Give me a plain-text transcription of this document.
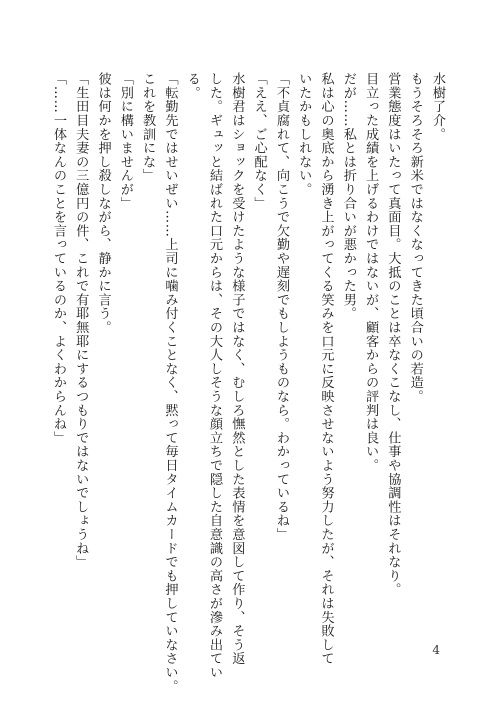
水樹了介。

もうそろそろ新米ではなくなってきた頃合いの若造。

営業態度はいたって真面目。大抵のことは卒なくこなし、仕事や協調性はそれなり。

目立った成績を上げるわけではないが、顧客からの評判は良い。

だが……私とは折り合いが悪かった男。

私は心の奥底から湧き上がってくる笑みを口元に反映させないよう努力したが、それは失敗して

いたかもしれない。

「不貞腐れて、向こうで欠勤や遅刻でもしようものなら。わかっているね」

「ええ、ご心配なく」

水樹君はショックを受けたような様子ではなく、むしろ憮然とした表情を意図して作り、そう返

した。ギュッと結ばれた口元からは、その大人しそうな顔立ちで隠した自意識の高さが滲み出てい

る。

「転勤先ではせいぜい……上司に噛み付くことなく、黙って毎日タイムカードでも押していなさい。

これを教訓にな」

「別に構いませんが」

彼は何かを押し殺しながら、静かに言う。

「生田目夫妻の三億円の件、これで有耶無耶にするつもりではないでしょうね」

「……一体なんのことを言っているのか、よくわからんね」

4
